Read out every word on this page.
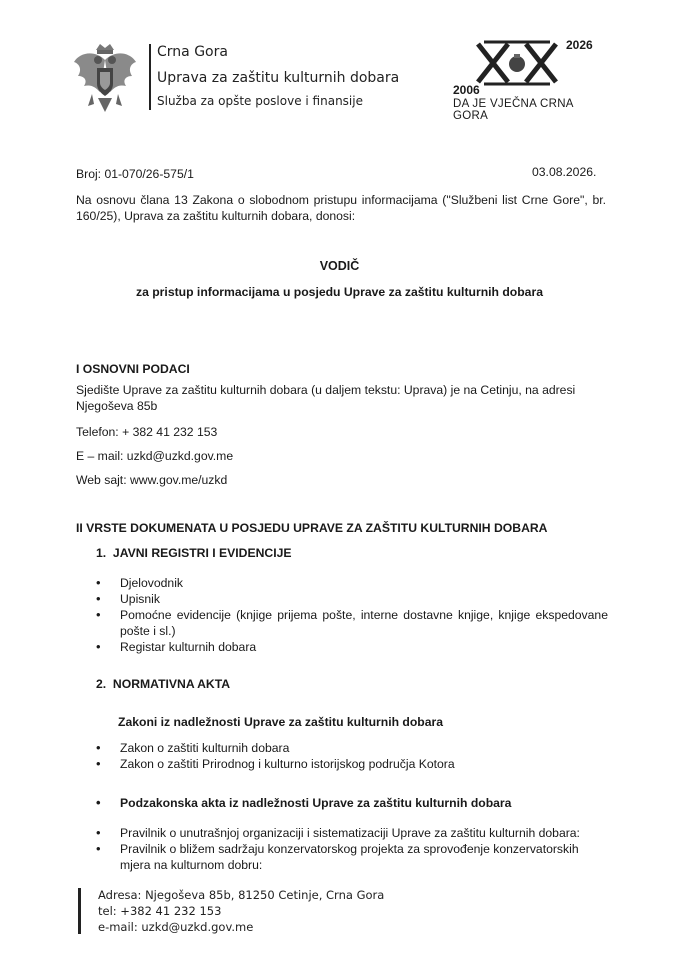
Crna Gora
Uprava za zaštitu kulturnih dobara
Služba za opšte poslove i finansije
2026
2006
DA JE VJEČNA CRNA GORA
Broj: 01-070/26-575/1	03.08.2026.
Na osnovu člana 13 Zakona o slobodnom pristupu informacijama ("Službeni list Crne Gore", br. 160/25), Uprava za zaštitu kulturnih dobara, donosi:
VODIČ
za pristup informacijama u posjedu Uprave za zaštitu kulturnih dobara
I OSNOVNI PODACI
Sjedište Uprave za zaštitu kulturnih dobara (u daljem tekstu: Uprava) je na Cetinju, na adresi Njegoševa 85b
Telefon: + 382 41 232 153
E – mail: uzkd@uzkd.gov.me
Web sajt: www.gov.me/uzkd
II VRSTE DOKUMENATA U POSJEDU UPRAVE ZA ZAŠTITU KULTURNIH DOBARA
1.  JAVNI REGISTRI I EVIDENCIJE
• Djelovodnik
• Upisnik
• Pomoćne evidencije (knjige prijema pošte, interne dostavne knjige, knjige ekspedovane pošte i sl.)
• Registar kulturnih dobara
2.  NORMATIVNA AKTA
Zakoni iz nadležnosti Uprave za zaštitu kulturnih dobara
• Zakon o zaštiti kulturnih dobara
• Zakon o zaštiti Prirodnog i kulturno istorijskog područja Kotora
• Podzakonska akta iz nadležnosti Uprave za zaštitu kulturnih dobara
• Pravilnik o unutrašnjoj organizaciji i sistematizaciji Uprave za zaštitu kulturnih dobara:
• Pravilnik o bližem sadržaju konzervatorskog projekta za sprovođenje konzervatorskih mjera na kulturnom dobru:
Adresa: Njegoševa 85b, 81250 Cetinje, Crna Gora
tel: +382 41 232 153
e-mail: uzkd@uzkd.gov.me
